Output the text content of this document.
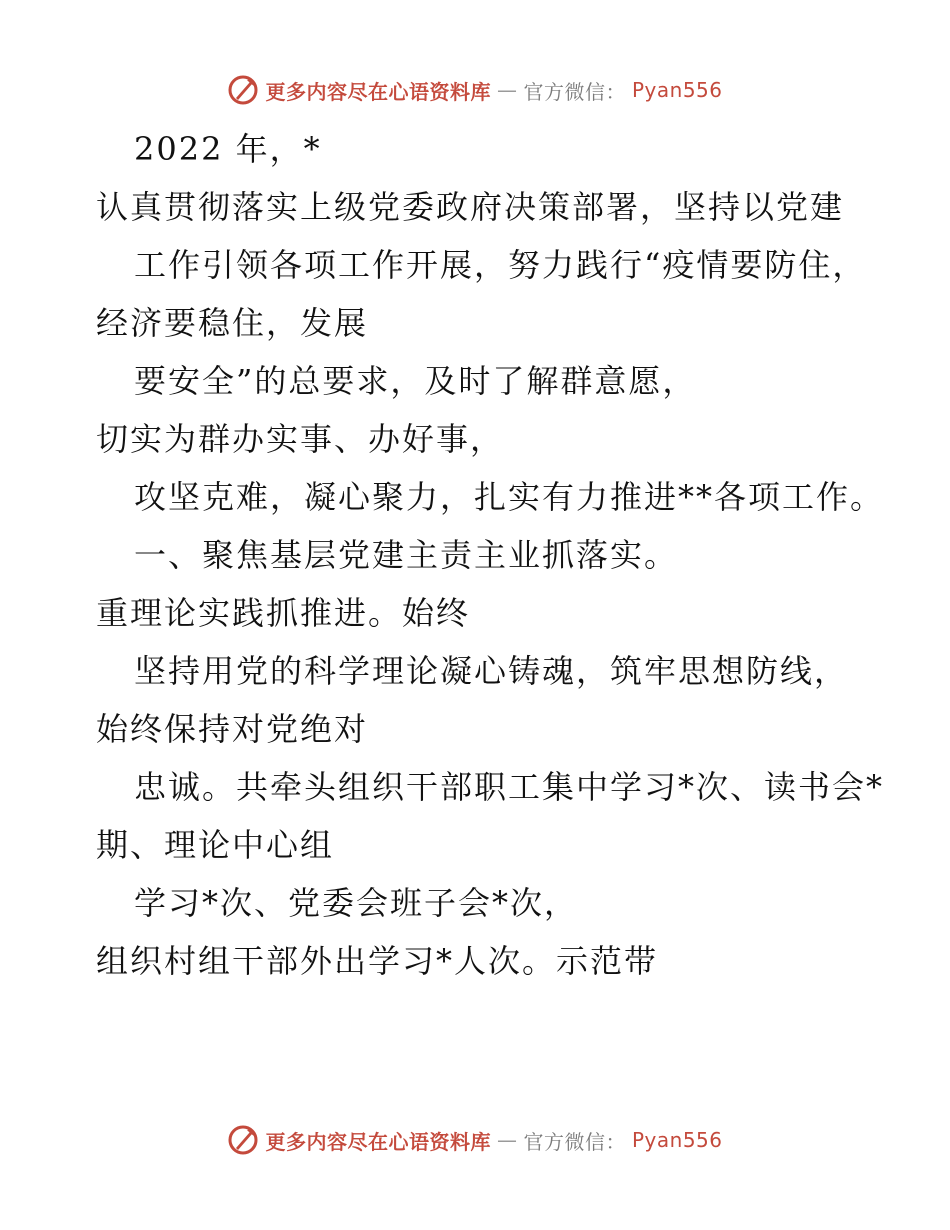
更多内容尽在心语资料库 — 官方微信： Pyan556

2022 年，*认真贯彻落实上级党委政府决策部署，坚持以党建

工作引领各项工作开展，努力践行“疫情要防住，经济要稳住，发展

要安全”的总要求，及时了解群意愿，切实为群办实事、办好事，

攻坚克难，凝心聚力，扎实有力推进**各项工作。

一、聚焦基层党建主责主业抓落实。重理论实践抓推进。始终

坚持用党的科学理论凝心铸魂，筑牢思想防线，始终保持对党绝对

忠诚。共牵头组织干部职工集中学习*次、读书会*期、理论中心组

学习*次、党委会班子会*次，组织村组干部外出学习*人次。示范带

更多内容尽在心语资料库 — 官方微信： Pyan556
